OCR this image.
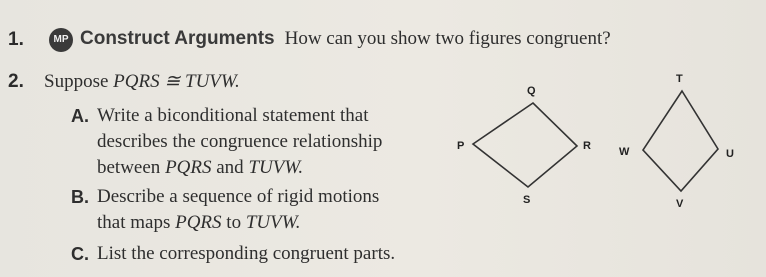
1.	MP Construct Arguments How can you show two figures congruent?
2. Suppose PQRS ≅ TUVW.
A. Write a biconditional statement that
describes the congruence relationship
between PQRS and TUVW.
B. Describe a sequence of rigid motions
that maps PQRS to TUVW.
C. List the corresponding congruent parts.
P
Q
R
S
T
U
V
W
